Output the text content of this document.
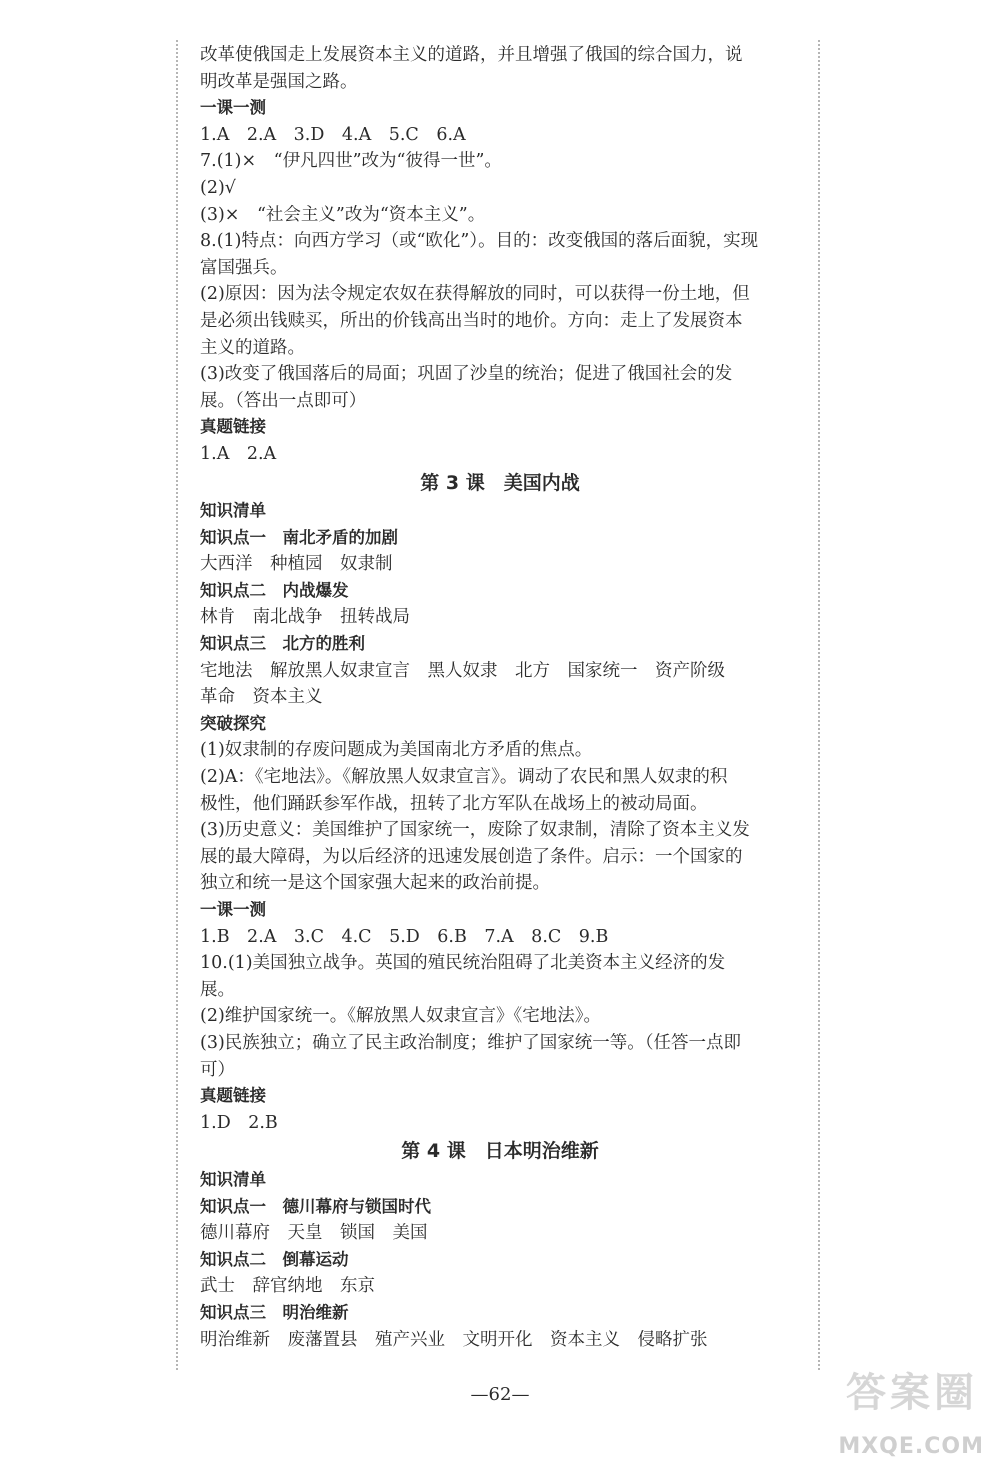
改革使俄国走上发展资本主义的道路，并且增强了俄国的综合国力，说
明改革是强国之路。
一课一测
1.A　2.A　3.D　4.A　5.C　6.A
7.(1)×　“伊凡四世”改为“彼得一世”。
(2)√
(3)×　“社会主义”改为“资本主义”。
8.(1)特点：向西方学习（或“欧化”）。目的：改变俄国的落后面貌，实现
富国强兵。
(2)原因：因为法令规定农奴在获得解放的同时，可以获得一份土地，但
是必须出钱赎买，所出的价钱高出当时的地价。方向：走上了发展资本
主义的道路。
(3)改变了俄国落后的局面；巩固了沙皇的统治；促进了俄国社会的发
展。（答出一点即可）
真题链接
1.A　2.A
第 3 课　美国内战
知识清单
知识点一　南北矛盾的加剧
大西洋　种植园　奴隶制
知识点二　内战爆发
林肯　南北战争　扭转战局
知识点三　北方的胜利
宅地法　解放黑人奴隶宣言　黑人奴隶　北方　国家统一　资产阶级
革命　资本主义
突破探究
(1)奴隶制的存废问题成为美国南北方矛盾的焦点。
(2)A：《宅地法》。《解放黑人奴隶宣言》。调动了农民和黑人奴隶的积
极性，他们踊跃参军作战，扭转了北方军队在战场上的被动局面。
(3)历史意义：美国维护了国家统一，废除了奴隶制，清除了资本主义发
展的最大障碍，为以后经济的迅速发展创造了条件。启示：一个国家的
独立和统一是这个国家强大起来的政治前提。
一课一测
1.B　2.A　3.C　4.C　5.D　6.B　7.A　8.C　9.B
10.(1)美国独立战争。英国的殖民统治阻碍了北美资本主义经济的发
展。
(2)维护国家统一。《解放黑人奴隶宣言》《宅地法》。
(3)民族独立；确立了民主政治制度；维护了国家统一等。（任答一点即
可）
真题链接
1.D　2.B
第 4 课　日本明治维新
知识清单
知识点一　德川幕府与锁国时代
德川幕府　天皇　锁国　美国
知识点二　倒幕运动
武士　辞官纳地　东京
知识点三　明治维新
明治维新　废藩置县　殖产兴业　文明开化　资本主义　侵略扩张
—62—	答案圈
MXQE.COM
